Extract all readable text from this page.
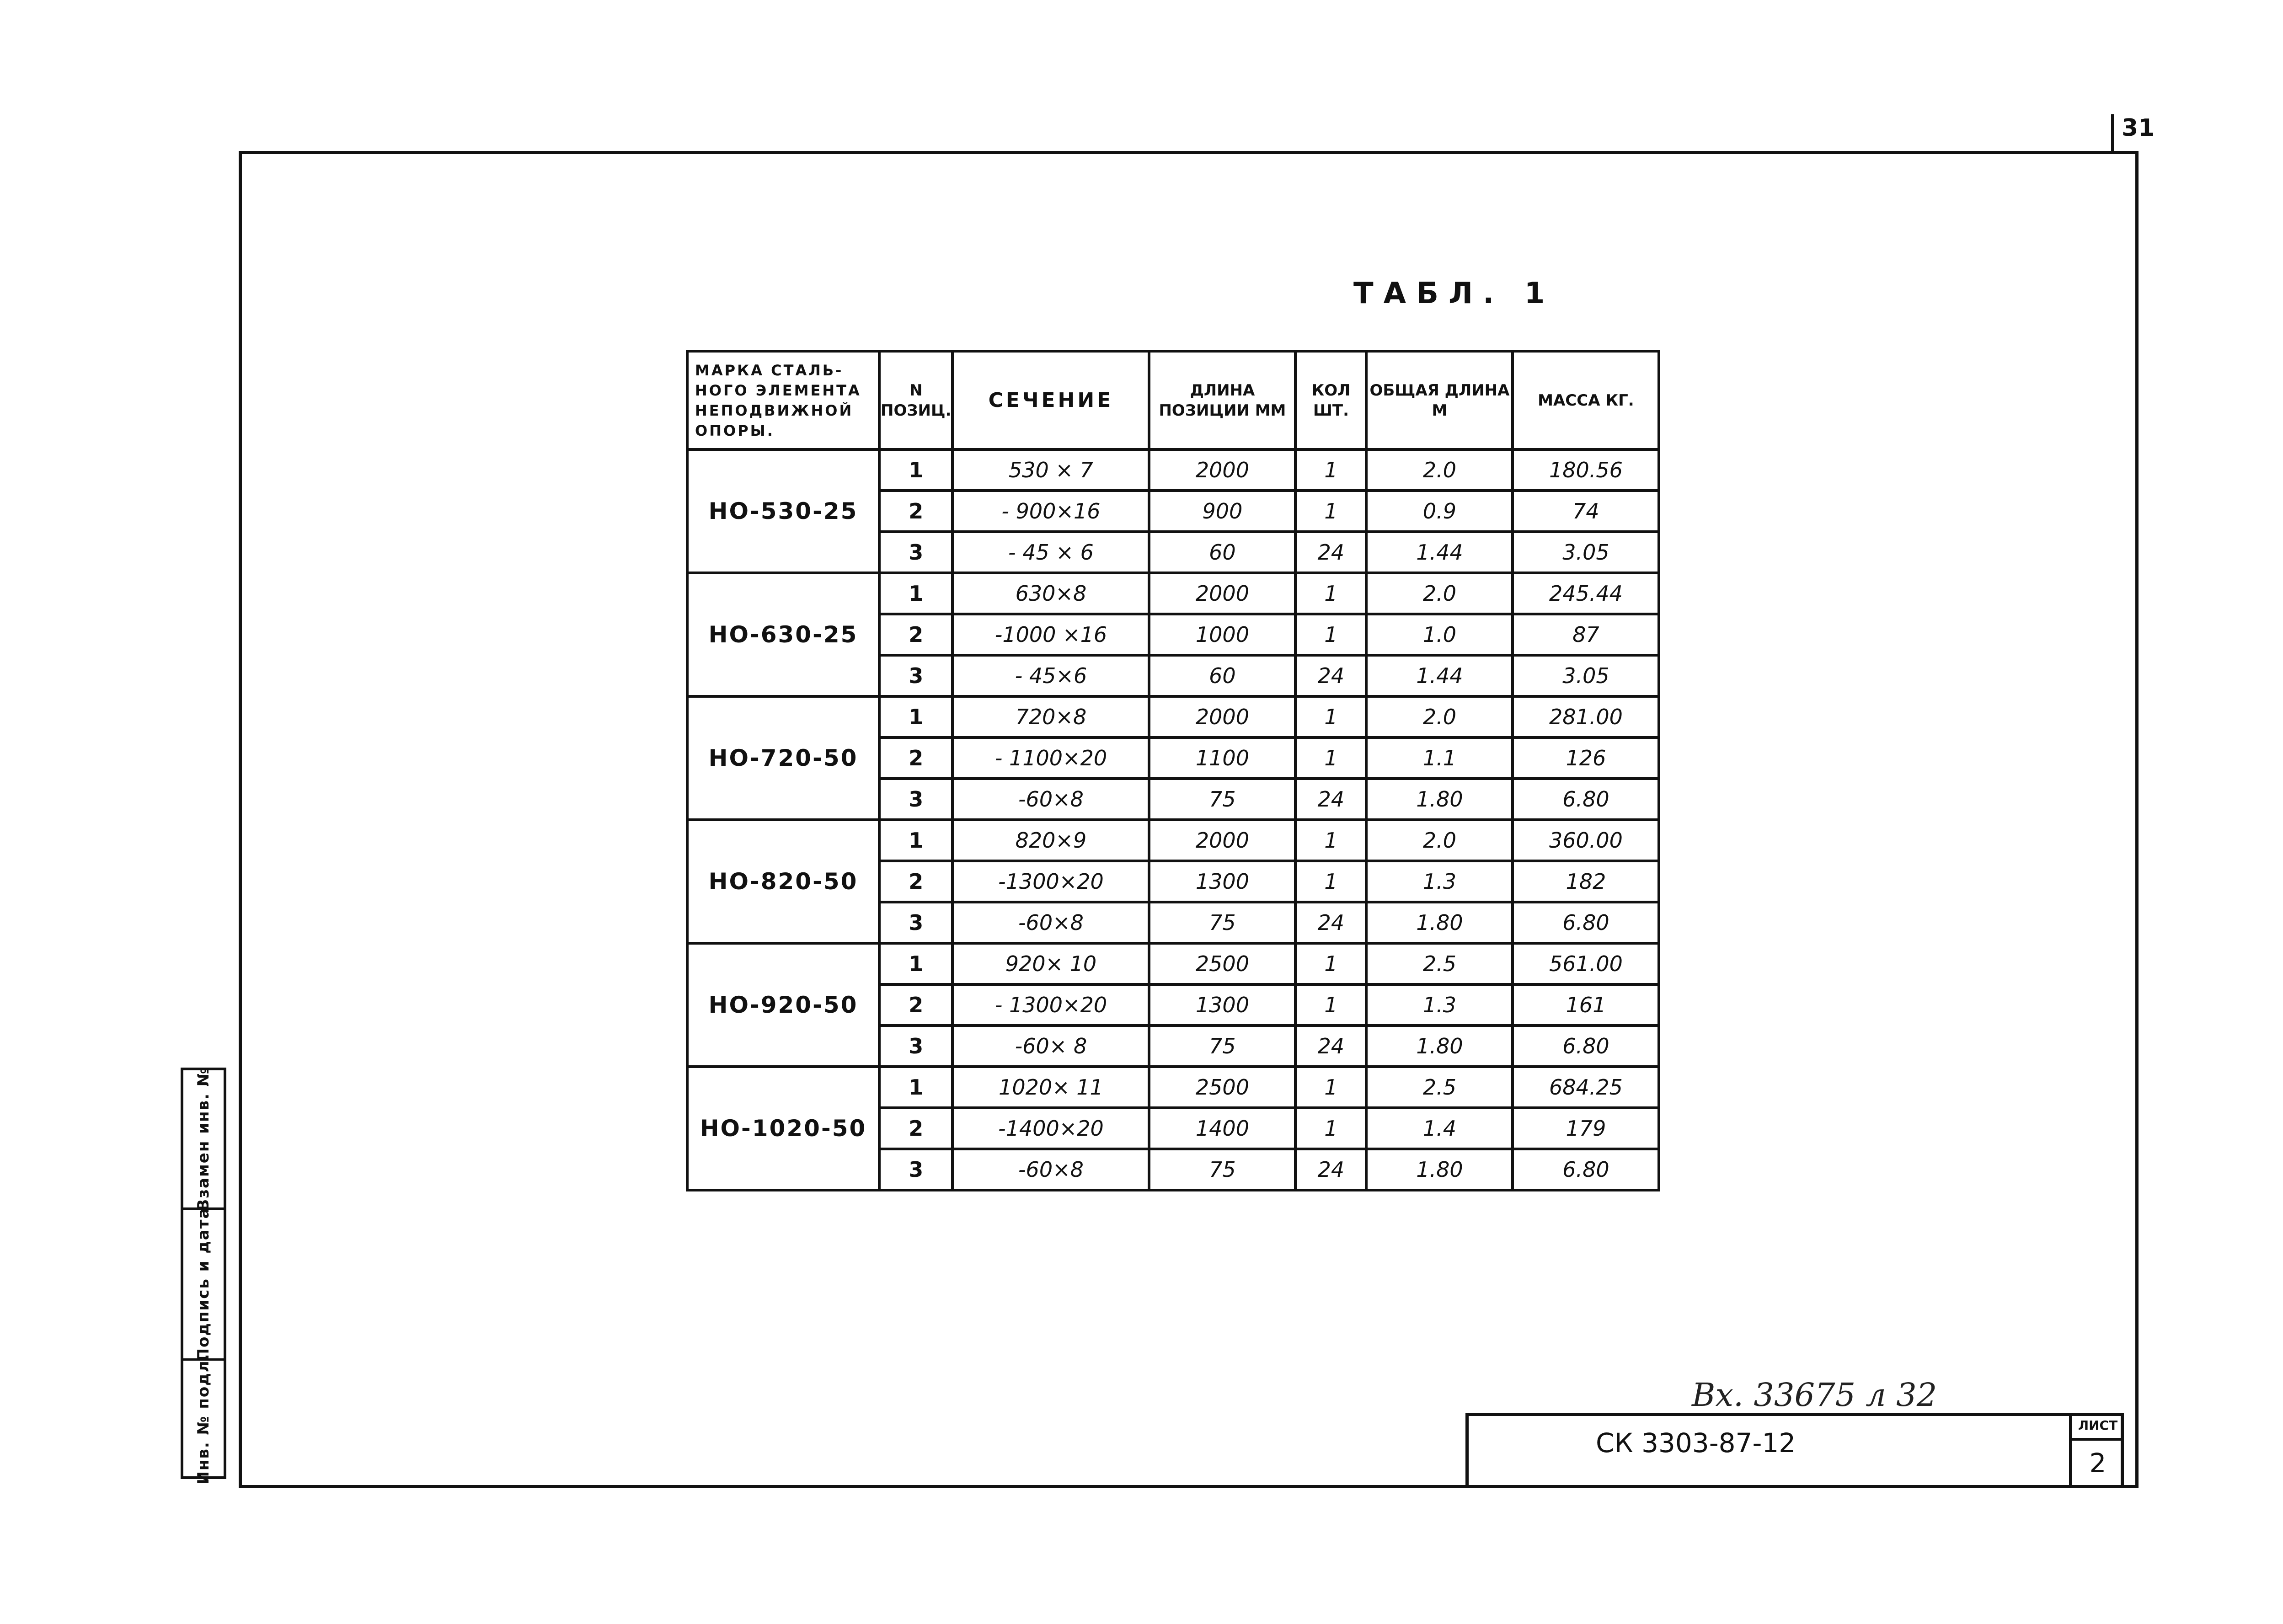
31
ТАБЛ. 1
МАРКА СТАЛЬ-НОГО ЭЛЕМЕНТА НЕПОДВИЖНОЙ ОПОРЫ.	N ПОЗИЦ.	СЕЧЕНИЕ	ДЛИНА ПОЗИЦИИ ММ	КОЛ ШТ.	ОБЩАЯ ДЛИНА М	МАССА КГ.
НО-530-25	1	530 × 7	2000	1	2.0	180.56
	2	- 900×16	900	1	0.9	74
	3	- 45 × 6	60	24	1.44	3.05
НО-630-25	1	630×8	2000	1	2.0	245.44
	2	-1000 ×16	1000	1	1.0	87
	3	- 45×6	60	24	1.44	3.05
НО-720-50	1	720×8	2000	1	2.0	281.00
	2	- 1100×20	1100	1	1.1	126
	3	-60×8	75	24	1.80	6.80
НО-820-50	1	820×9	2000	1	2.0	360.00
	2	-1300×20	1300	1	1.3	182
	3	-60×8	75	24	1.80	6.80
НО-920-50	1	920× 10	2500	1	2.5	561.00
	2	- 1300×20	1300	1	1.3	161
	3	-60× 8	75	24	1.80	6.80
НО-1020-50	1	1020× 11	2500	1	2.5	684.25
	2	-1400×20	1400	1	1.4	179
	3	-60×8	75	24	1.80	6.80
Взамен инв. №
Подпись и дата
Инв. № подл.	Вх. 33675 л 32
СК 3303-87-12
ЛИСТ
2
